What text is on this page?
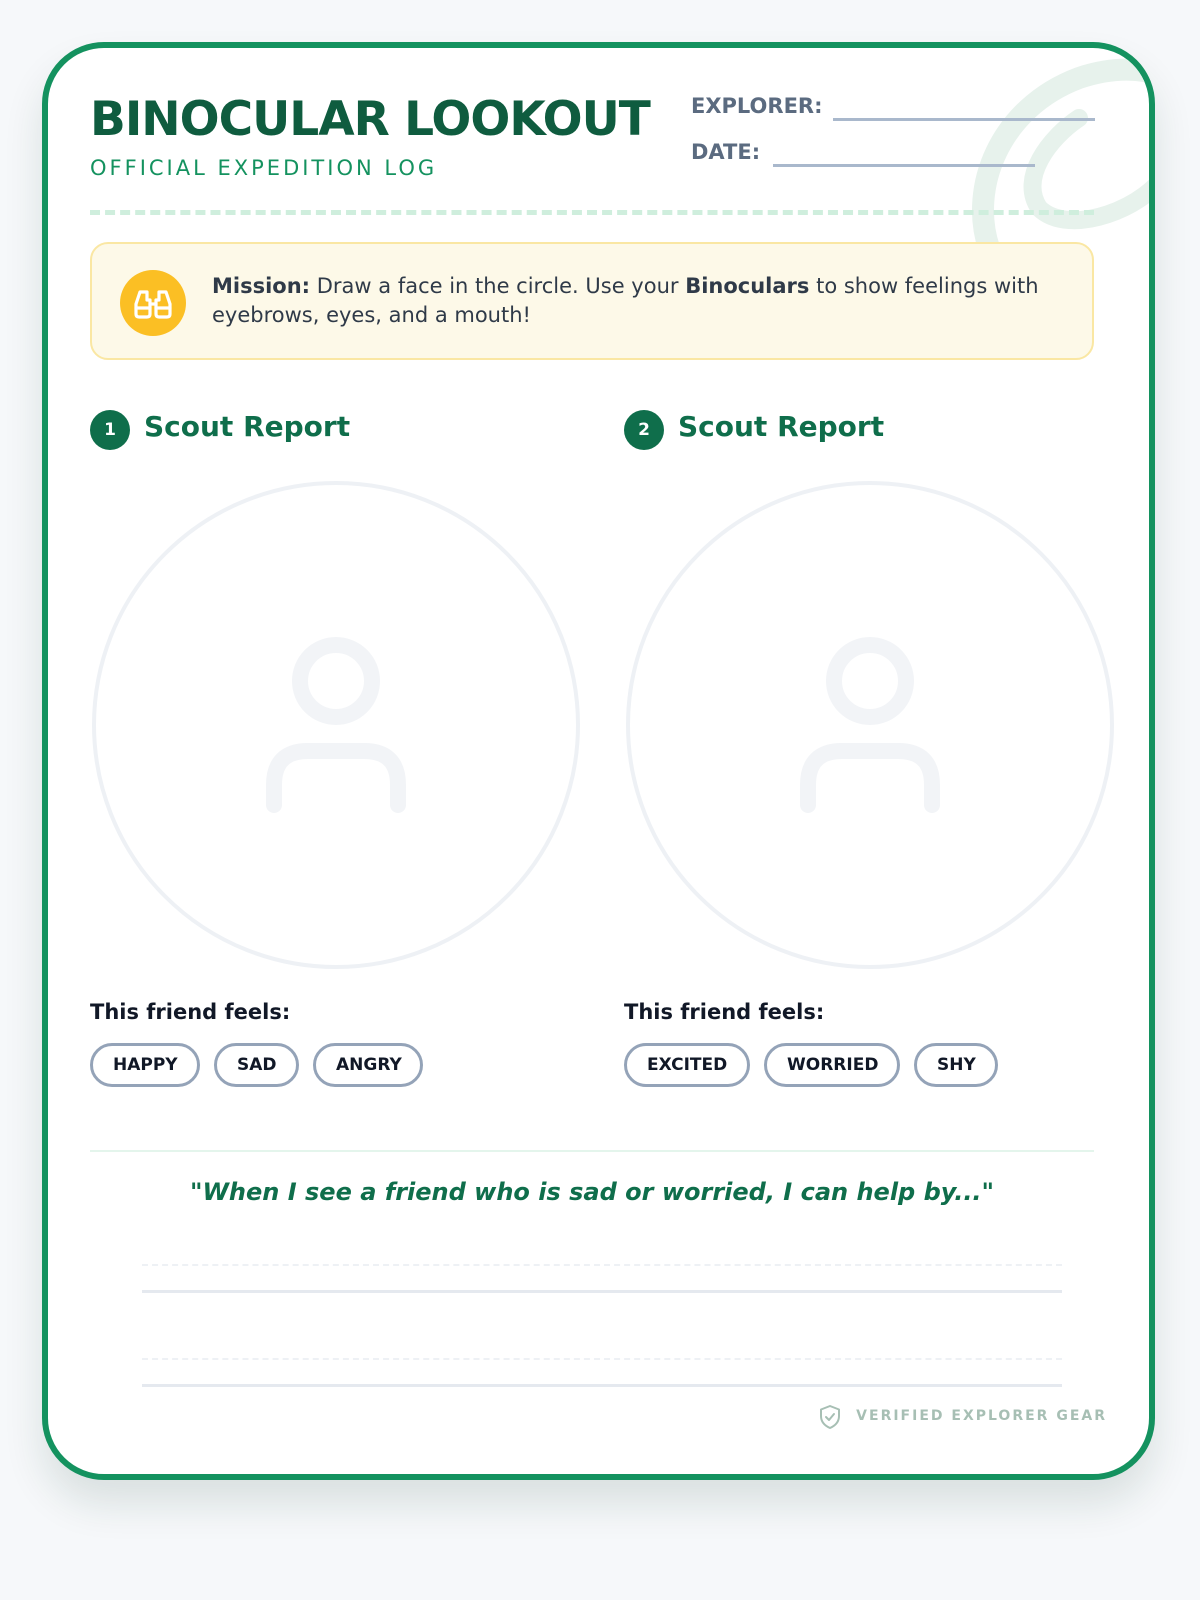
BINOCULAR LOOKOUT
OFFICIAL EXPEDITION LOG
EXPLORER:
DATE:
Mission: Draw a face in the circle. Use your Binoculars to show feelings with eyebrows, eyes, and a mouth!
1	Scout Report
This friend feels:
HAPPY	SAD	ANGRY
2	Scout Report
This friend feels:
EXCITED	WORRIED	SHY
"When I see a friend who is sad or worried, I can help by..."
VERIFIED EXPLORER GEAR
